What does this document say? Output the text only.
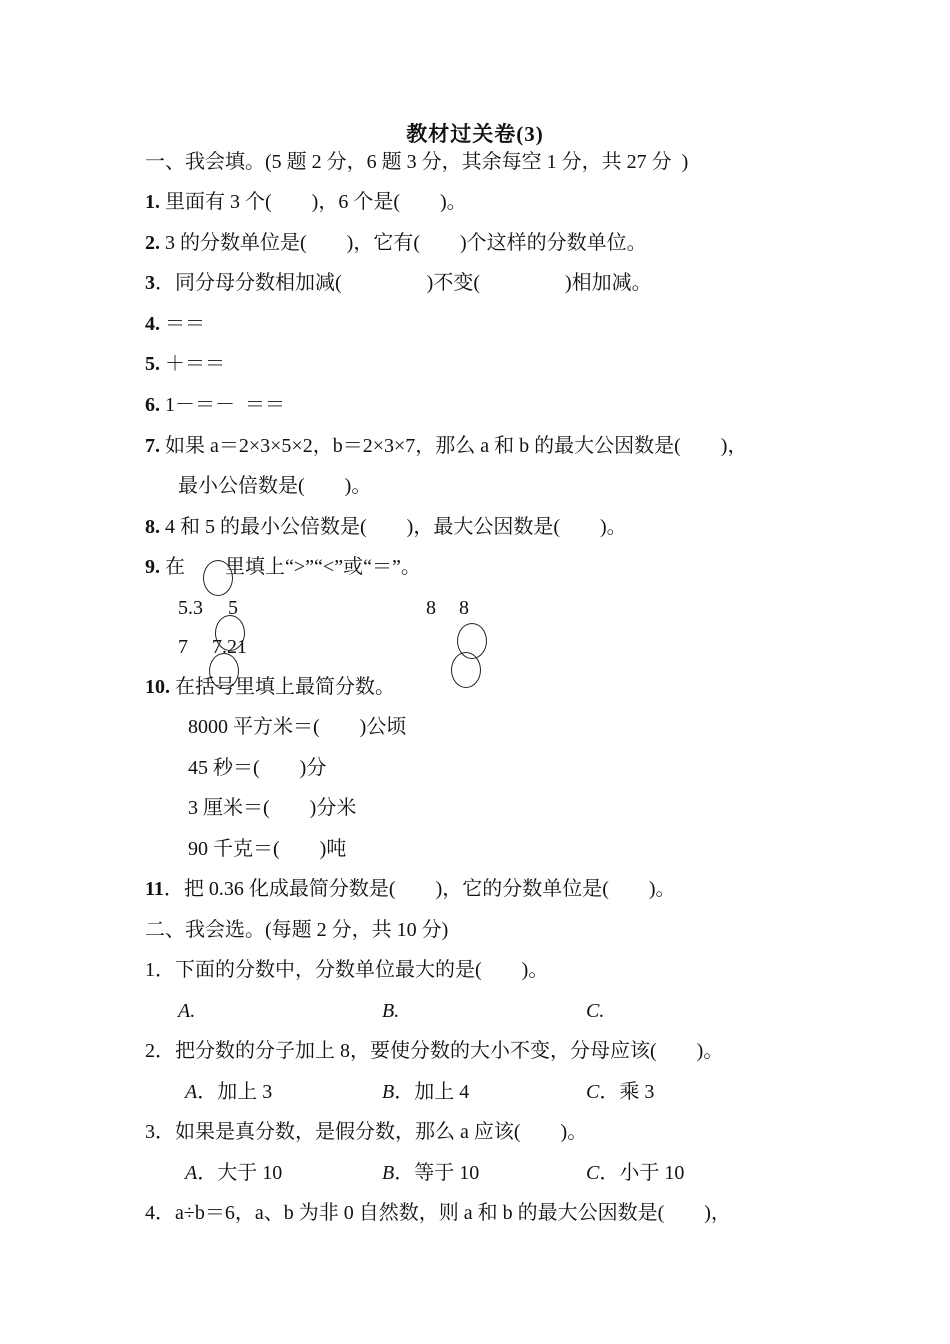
教材过关卷(3)
一、我会填。(5 题 2 分，6 题 3 分，其余每空 1 分，共 27 分  )
1. 里面有 3 个(        )，6 个是(        )。
2. 3 的分数单位是(        )，它有(        )个这样的分数单位。
3．同分母分数相加减(                 )不变(                 )相加减。
4. ＝＝
5. ＋＝＝
6. 1－＝－  ＝＝
7. 如果 a＝2×3×5×2，b＝2×3×7，那么 a 和 b 的最大公因数是(        )，
最小公倍数是(        )。
8. 4 和 5 的最小公倍数是(        )，最大公因数是(        )。
9. 在        里填上“>”“<”或“＝”。
5.3 5	8 8
7 7.21
10. 在括号里填上最简分数。
8000 平方米＝(        )公顷
45 秒＝(        )分
3 厘米＝(        )分米
90 千克＝(        )吨
11．把 0.36 化成最简分数是(        )，它的分数单位是(        )。
二、我会选。(每题 2 分，共 10 分)
1．下面的分数中，分数单位最大的是(        )。
A.	B.	C.
2．把分数的分子加上 8，要使分数的大小不变，分母应该(        )。
A．加上 3	B．加上 4	C．乘 3
3．如果是真分数，是假分数，那么 a 应该(        )。
A．大于 10	B．等于 10	C．小于 10
4．a÷b＝6，a、b 为非 0 自然数，则 a 和 b 的最大公因数是(        )，
